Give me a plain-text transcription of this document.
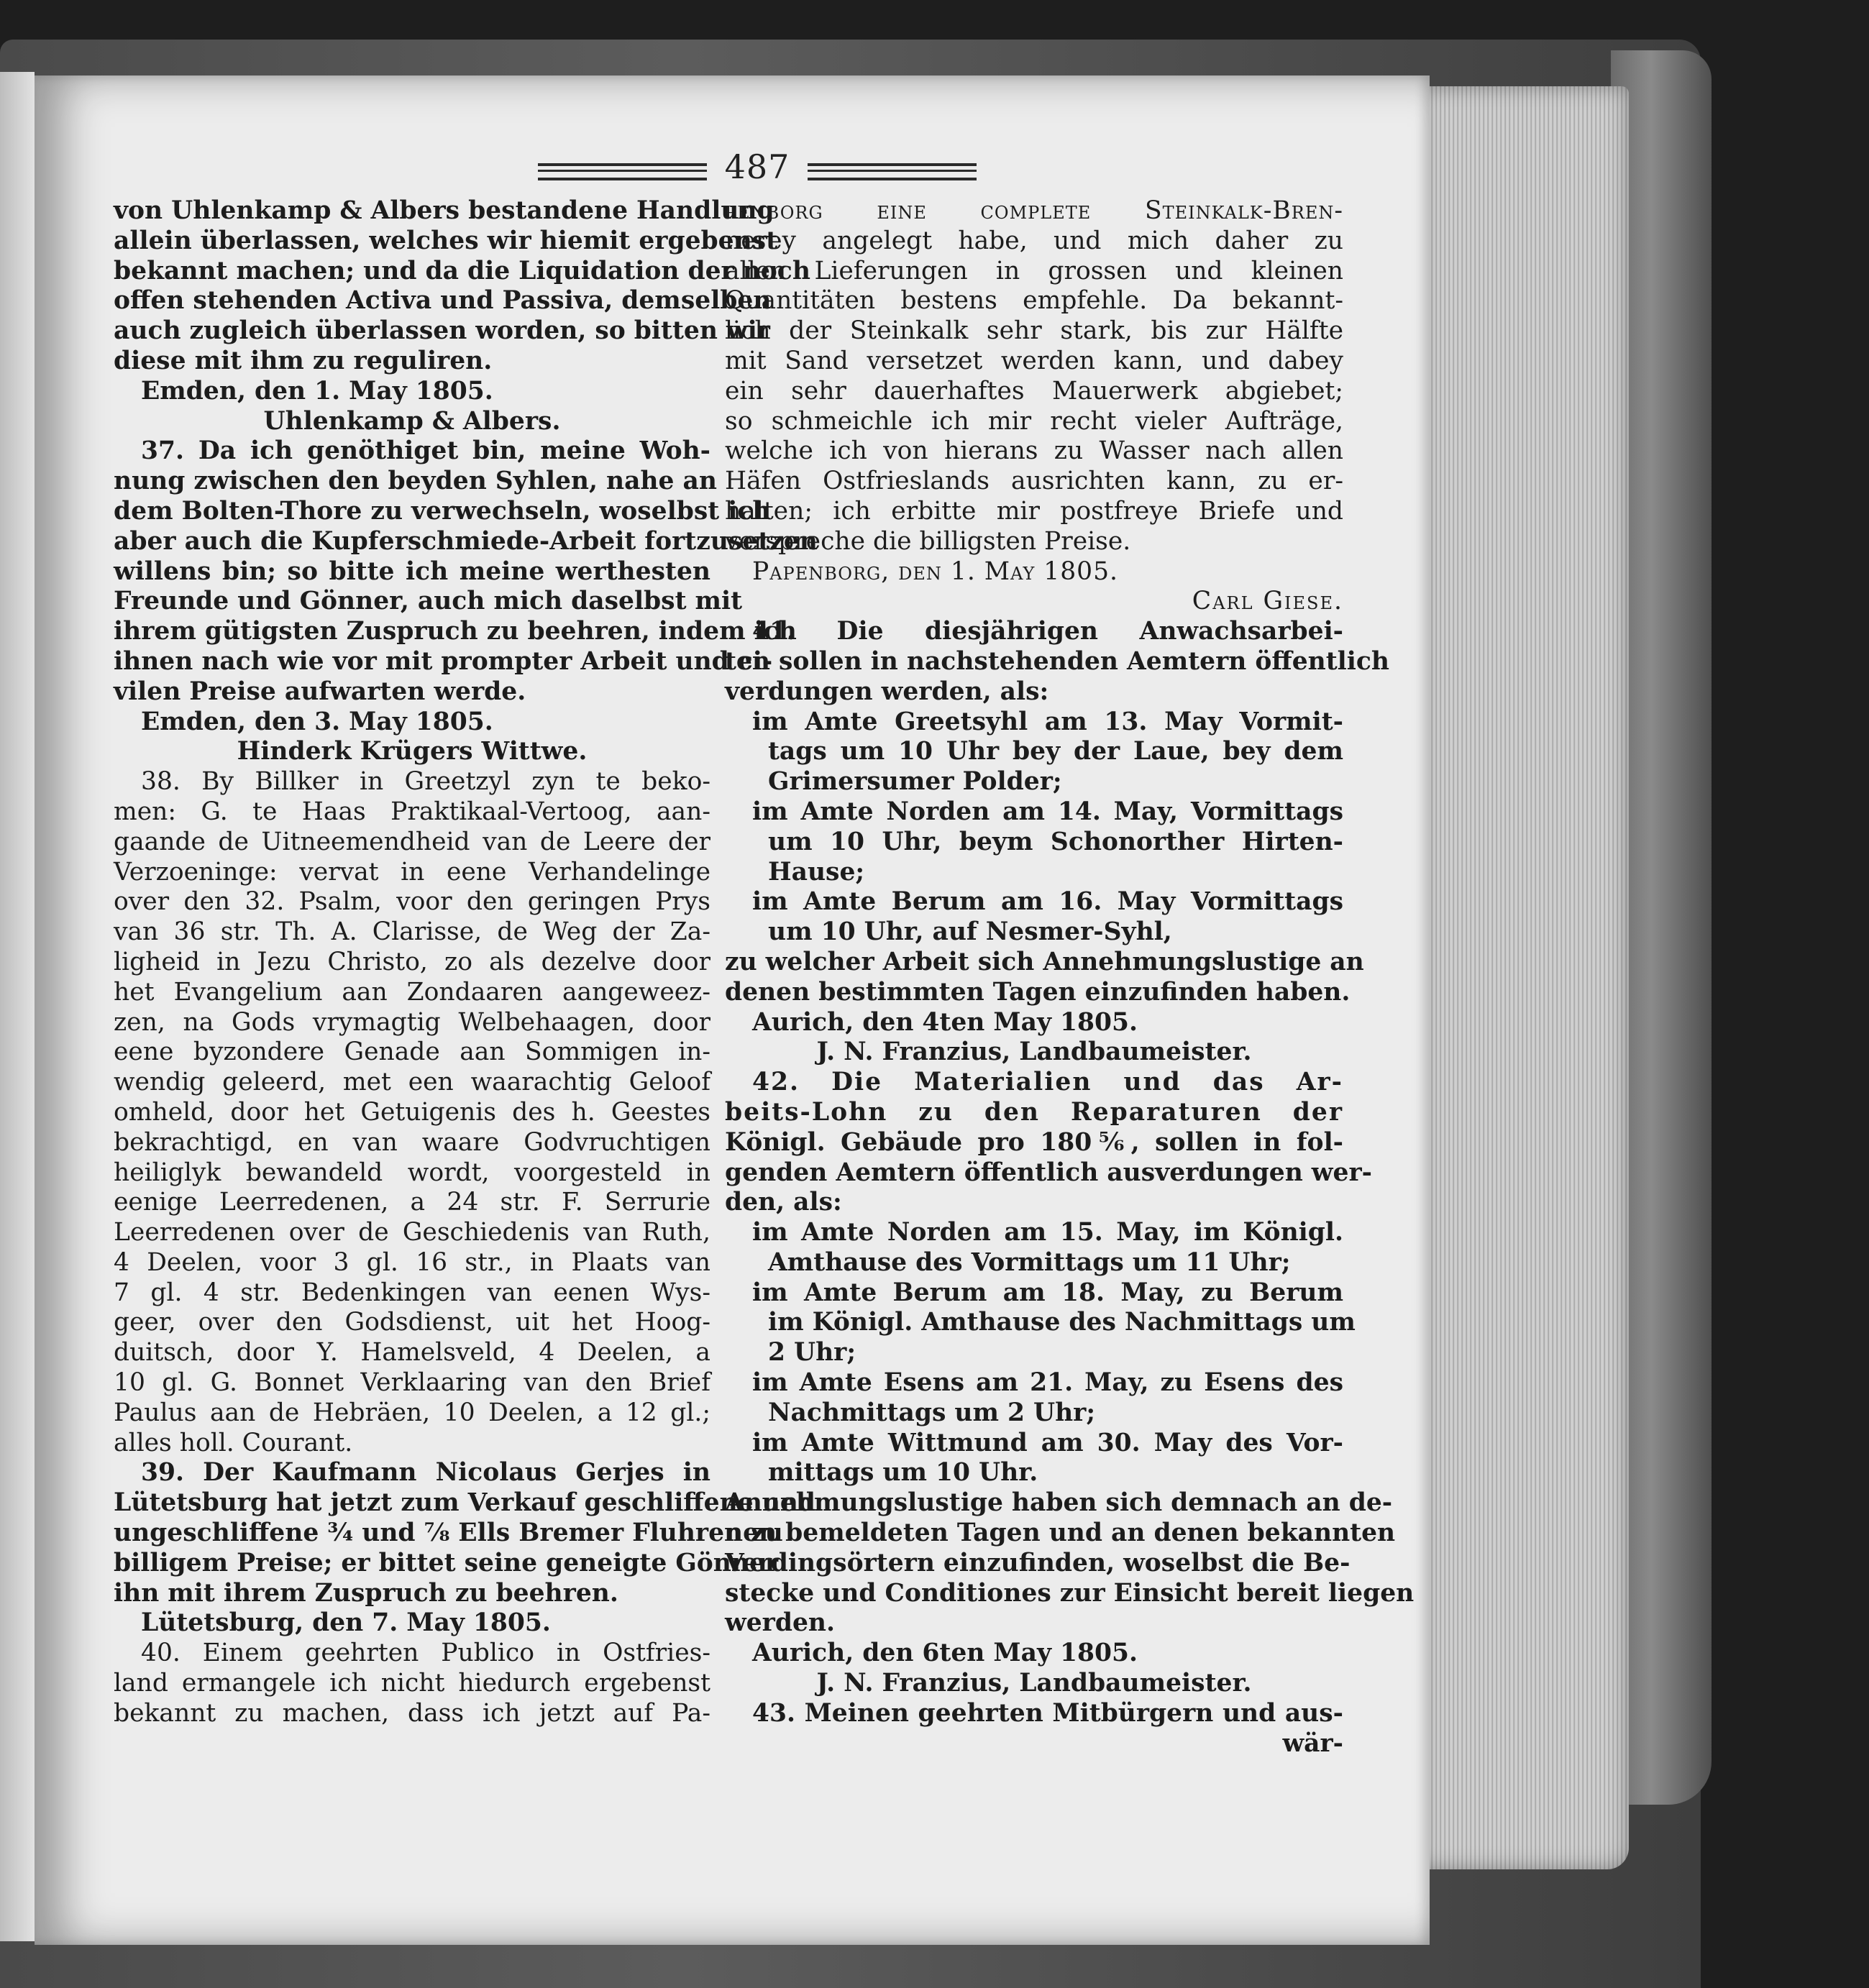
487
von Uhlenkamp & Albers bestandene Handlung
allein überlassen, welches wir hiemit ergebenst
bekannt machen; und da die Liquidation der noch
offen stehenden Activa und Passiva, demselben
auch zugleich überlassen worden, so bitten wir
diese mit ihm zu reguliren.
Emden, den 1. May 1805.
Uhlenkamp & Albers.
37. Da ich genöthiget bin, meine Woh-
nung zwischen den beyden Syhlen, nahe an
dem Bolten-Thore zu verwechseln, woselbst ich
aber auch die Kupferschmiede-Arbeit fortzusetzen
willens bin; so bitte ich meine werthesten
Freunde und Gönner, auch mich daselbst mit
ihrem gütigsten Zuspruch zu beehren, indem ich
ihnen nach wie vor mit prompter Arbeit und ci-
vilen Preise aufwarten werde.
Emden, den 3. May 1805.
Hinderk Krügers Wittwe.
38. By Billker in Greetzyl zyn te beko-
men: G. te Haas Praktikaal-Vertoog, aan-
gaande de Uitneemendheid van de Leere der
Verzoeninge: vervat in eene Verhandelinge
over den 32. Psalm, voor den geringen Prys
van 36 str. Th. A. Clarisse, de Weg der Za-
ligheid in Jezu Christo, zo als dezelve door
het Evangelium aan Zondaaren aangeweez-
zen, na Gods vrymagtig Welbehaagen, door
eene byzondere Genade aan Sommigen in-
wendig geleerd, met een waarachtig Geloof
omheld, door het Getuigenis des h. Geestes
bekrachtigd, en van waare Godvruchtigen
heiliglyk bewandeld wordt, voorgesteld in
eenige Leerredenen, a 24 str. F. Serrurie
Leerredenen over de Geschiedenis van Ruth,
4 Deelen, voor 3 gl. 16 str., in Plaats van
7 gl. 4 str. Bedenkingen van eenen Wys-
geer, over den Godsdienst, uit het Hoog-
duitsch, door Y. Hamelsveld, 4 Deelen, a
10 gl. G. Bonnet Verklaaring van den Brief
Paulus aan de Hebräen, 10 Deelen, a 12 gl.;
alles holl. Courant.
39. Der Kaufmann Nicolaus Gerjes in
Lütetsburg hat jetzt zum Verkauf geschliffene und
ungeschliffene ¾ und ⅞ Ells Bremer Fluhren zu
billigem Preise; er bittet seine geneigte Gönner
ihn mit ihrem Zuspruch zu beehren.
Lütetsburg, den 7. May 1805.
40. Einem geehrten Publico in Ostfries-
land ermangele ich nicht hiedurch ergebenst
bekannt zu machen, dass ich jetzt auf Pa-
penborg eine complete Steinkalk-Bren-
nerey angelegt habe, und mich daher zu
allen Lieferungen in grossen und kleinen
Quantitäten bestens empfehle. Da bekannt-
lich der Steinkalk sehr stark, bis zur Hälfte
mit Sand versetzet werden kann, und dabey
ein sehr dauerhaftes Mauerwerk abgiebet;
so schmeichle ich mir recht vieler Aufträge,
welche ich von hierans zu Wasser nach allen
Häfen Ostfrieslands ausrichten kann, zu er-
halten; ich erbitte mir postfreye Briefe und
verspreche die billigsten Preise.
Papenborg, den 1. May 1805.
Carl Giese.
41. Die diesjährigen Anwachsarbei-
ten sollen in nachstehenden Aemtern öffentlich
verdungen werden, als:
im Amte Greetsyhl am 13. May Vormit-
tags um 10 Uhr bey der Laue, bey dem
Grimersumer Polder;
im Amte Norden am 14. May, Vormittags
um 10 Uhr, beym Schonorther Hirten-
Hause;
im Amte Berum am 16. May Vormittags
um 10 Uhr, auf Nesmer-Syhl,
zu welcher Arbeit sich Annehmungslustige an
denen bestimmten Tagen einzufinden haben.
Aurich, den 4ten May 1805.
J. N. Franzius, Landbaumeister.
42. Die Materialien und das Ar-
beits-Lohn zu den Reparaturen der
Königl. Gebäude pro 180⅚, sollen in fol-
genden Aemtern öffentlich ausverdungen wer-
den, als:
im Amte Norden am 15. May, im Königl.
Amthause des Vormittags um 11 Uhr;
im Amte Berum am 18. May, zu Berum
im Königl. Amthause des Nachmittags um
2 Uhr;
im Amte Esens am 21. May, zu Esens des
Nachmittags um 2 Uhr;
im Amte Wittmund am 30. May des Vor-
mittags um 10 Uhr.
Annehmungslustige haben sich demnach an de-
nen bemeldeten Tagen und an denen bekannten
Verdingsörtern einzufinden, woselbst die Be-
stecke und Conditiones zur Einsicht bereit liegen
werden.
Aurich, den 6ten May 1805.
J. N. Franzius, Landbaumeister.
43. Meinen geehrten Mitbürgern und aus-
wär-
